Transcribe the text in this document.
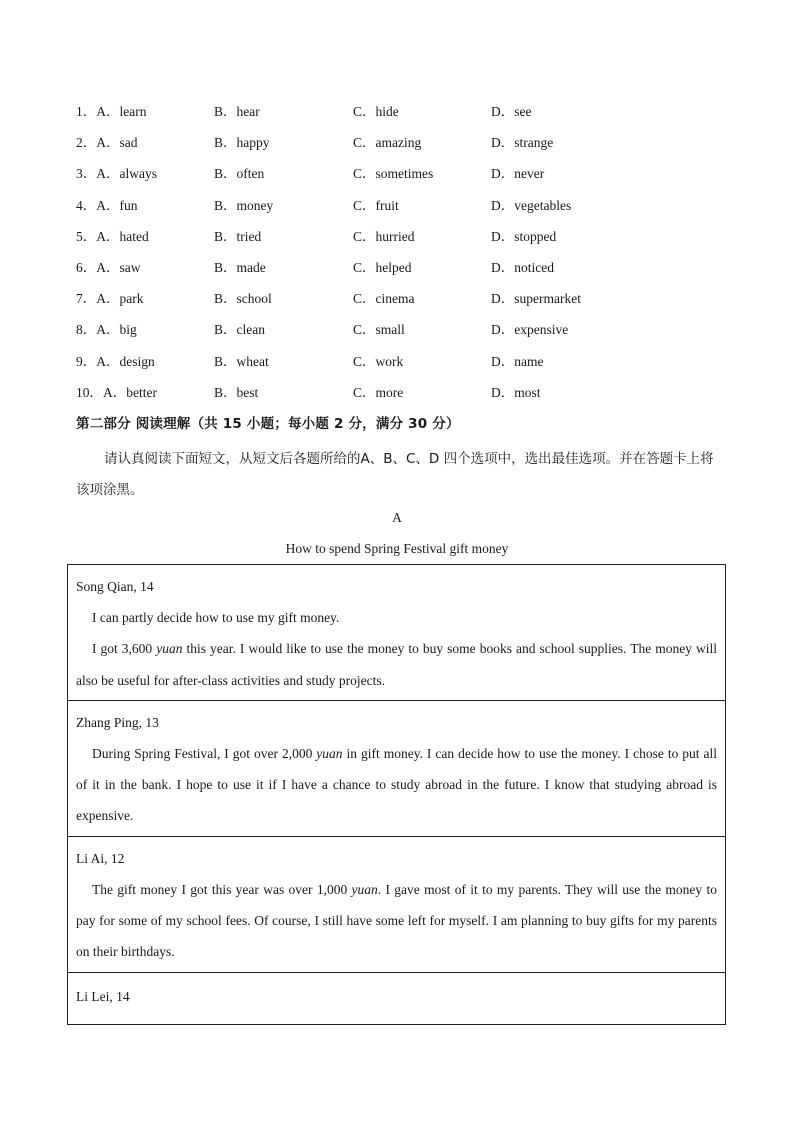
1．A．learn	B．hear	C．hide	D．see
2．A．sad	B．happy	C．amazing	D．strange
3．A．always	B．often	C．sometimes	D．never
4．A．fun	B．money	C．fruit	D．vegetables
5．A．hated	B．tried	C．hurried	D．stopped
6．A．saw	B．made	C．helped	D．noticed
7．A．park	B．school	C．cinema	D．supermarket
8．A．big	B．clean	C．small	D．expensive
9．A．design	B．wheat	C．work	D．name
10．A．better	B．best	C．more	D．most
第二部分 阅读理解（共 15 小题；每小题 2 分，满分 30 分）
请认真阅读下面短文，从短文后各题所给的A、B、C、D 四个选项中，选出最佳选项。并在答题卡上将该项涂黑。
A
How to spend Spring Festival gift money
Song Qian, 14

I can partly decide how to use my gift money.

I got 3,600 yuan this year. I would like to use the money to buy some books and school supplies. The money will also be useful for after-class activities and study projects.

Zhang Ping, 13

During Spring Festival, I got over 2,000 yuan in gift money. I can decide how to use the money. I chose to put all of it in the bank. I hope to use it if I have a chance to study abroad in the future. I know that studying abroad is expensive.

Li Ai, 12

The gift money I got this year was over 1,000 yuan. I gave most of it to my parents. They will use the money to pay for some of my school fees. Of course, I still have some left for myself. I am planning to buy gifts for my parents on their birthdays.

Li Lei, 14
